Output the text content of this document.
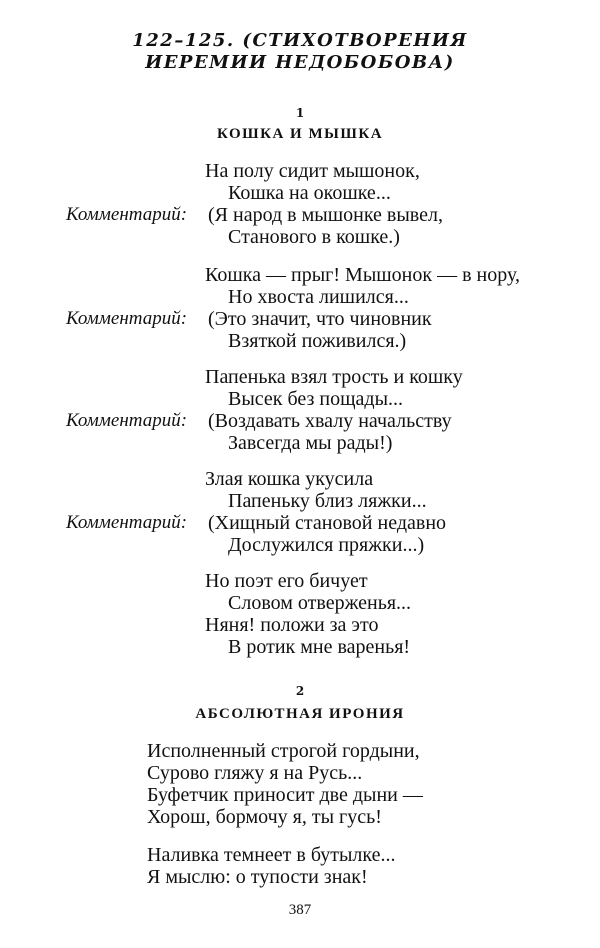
122–125. (СТИХОТВОРЕНИЯ
ИЕРЕМИИ НЕДОБОБОВА)
1
КОШКА И МЫШКА
На полу сидит мышонок,
Кошка на окошке...
Комментарий: (Я народ в мышонке вывел,
Станового в кошке.)
Кошка — прыг! Мышонок — в нору,
Но хвоста лишился...
Комментарий: (Это значит, что чиновник
Взяткой поживился.)
Папенька взял трость и кошку
Высек без пощады...
Комментарий: (Воздавать хвалу начальству
Завсегда мы рады!)
Злая кошка укусила
Папеньку близ ляжки...
Комментарий: (Хищный становой недавно
Дослужился пряжки...)
Но поэт его бичует
Словом отверженья...
Няня! положи за это
В ротик мне варенья!
2
АБСОЛЮТНАЯ ИРОНИЯ
Исполненный строгой гордыни,
Сурово гляжу я на Русь...
Буфетчик приносит две дыни —
Хорош, бормочу я, ты гусь!
Наливка темнеет в бутылке...
Я мыслю: о тупости знак!
387
